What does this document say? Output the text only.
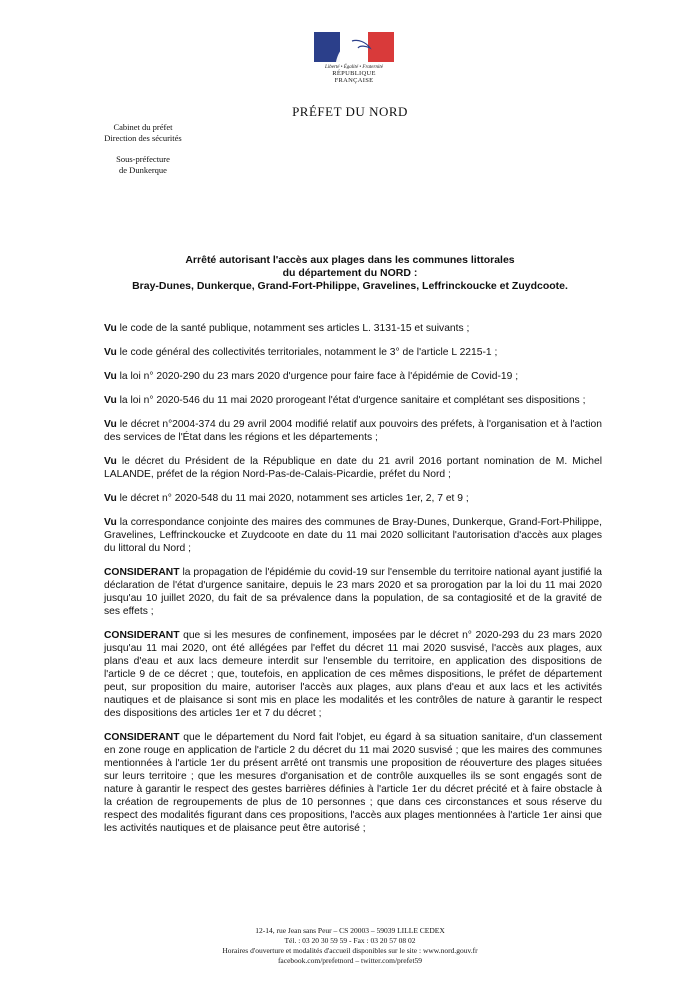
Liberté • Égalité • Fraternité
RÉPUBLIQUE FRANÇAISE
PRÉFET DU NORD
Cabinet du préfet
Direction des sécurités
Sous-préfecture
de Dunkerque
Arrêté autorisant l'accès aux plages dans les communes littorales
du département du NORD :
Bray-Dunes, Dunkerque, Grand-Fort-Philippe, Gravelines, Leffrinckoucke et Zuydcoote.

Vu le code de la santé publique, notamment ses articles L. 3131-15 et suivants ;

Vu le code général des collectivités territoriales, notamment le 3° de l'article L 2215-1 ;

Vu la loi n° 2020-290 du 23 mars 2020 d'urgence pour faire face à l'épidémie de Covid-19 ;

Vu la loi n° 2020-546 du 11 mai 2020 prorogeant l'état d'urgence sanitaire et complétant ses dispositions ;

Vu le décret n°2004-374 du 29 avril 2004 modifié relatif aux pouvoirs des préfets, à l'organisation et à l'action des services de l'État dans les régions et les départements ;

Vu le décret du Président de la République en date du 21 avril 2016 portant nomination de M. Michel LALANDE, préfet de la région Nord-Pas-de-Calais-Picardie, préfet du Nord ;

Vu le décret n° 2020-548 du 11 mai 2020, notamment ses articles 1er, 2, 7 et 9 ;

Vu la correspondance conjointe des maires des communes de Bray-Dunes, Dunkerque, Grand-Fort-Philippe, Gravelines, Leffrinckoucke et Zuydcoote en date du 11 mai 2020 sollicitant l'autorisation d'accès aux plages du littoral du Nord ;

CONSIDERANT la propagation de l'épidémie du covid-19 sur l'ensemble du territoire national ayant justifié la déclaration de l'état d'urgence sanitaire, depuis le 23 mars 2020 et sa prorogation par la loi du 11 mai 2020 jusqu'au 10 juillet 2020, du fait de sa prévalence dans la population, de sa contagiosité et de la gravité de ses effets ;

CONSIDERANT que si les mesures de confinement, imposées par le décret n° 2020-293 du 23 mars 2020 jusqu'au 11 mai 2020, ont été allégées par l'effet du décret 11 mai 2020 susvisé, l'accès aux plages, aux plans d'eau et aux lacs demeure interdit sur l'ensemble du territoire, en application des dispositions de l'article 9 de ce décret ; que, toutefois, en application de ces mêmes dispositions, le préfet de département peut, sur proposition du maire, autoriser l'accès aux plages, aux plans d'eau et aux lacs et les activités nautiques et de plaisance si sont mis en place les modalités et les contrôles de nature à garantir le respect des dispositions des articles 1er et 7 du décret ;

CONSIDERANT que le département du Nord fait l'objet, eu égard à sa situation sanitaire, d'un classement en zone rouge en application de l'article 2 du décret du 11 mai 2020 susvisé ; que les maires des communes mentionnées à l'article 1er du présent arrêté ont transmis une proposition de réouverture des plages situées sur leurs territoire ; que les mesures d'organisation et de contrôle auxquelles ils se sont engagés sont de nature à garantir le respect des gestes barrières définies à l'article 1er du décret précité et à faire obstacle à la création de regroupements de plus de 10 personnes ; que dans ces circonstances et sous réserve du respect des modalités figurant dans ces propositions, l'accès aux plages mentionnées à l'article 1er ainsi que les activités nautiques et de plaisance peut être autorisé ;

12-14, rue Jean sans Peur – CS 20003 – 59039 LILLE CEDEX
Tél. : 03 20 30 59 59 - Fax : 03 20 57 08 02
Horaires d'ouverture et modalités d'accueil disponibles sur le site : www.nord.gouv.fr
facebook.com/prefetnord – twitter.com/prefet59
